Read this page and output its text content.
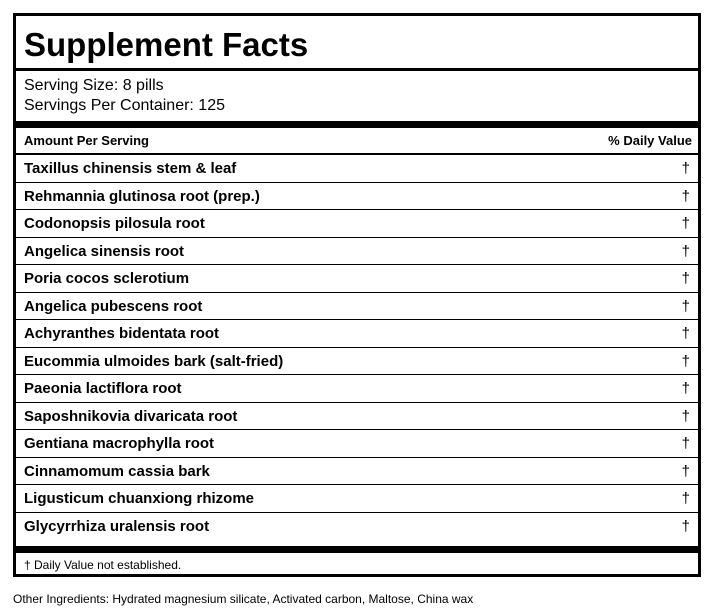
Supplement Facts
Serving Size: 8 pills
Servings Per Container: 125
Amount Per Serving	% Daily Value
Taxillus chinensis stem & leaf	†
Rehmannia glutinosa root (prep.)	†
Codonopsis pilosula root	†
Angelica sinensis root	†
Poria cocos sclerotium	†
Angelica pubescens root	†
Achyranthes bidentata root	†
Eucommia ulmoides bark (salt-fried)	†
Paeonia lactiflora root	†
Saposhnikovia divaricata root	†
Gentiana macrophylla root	†
Cinnamomum cassia bark	†
Ligusticum chuanxiong rhizome	†
Glycyrrhiza uralensis root	†
† Daily Value not established.
Other Ingredients: Hydrated magnesium silicate, Activated carbon, Maltose, China wax
